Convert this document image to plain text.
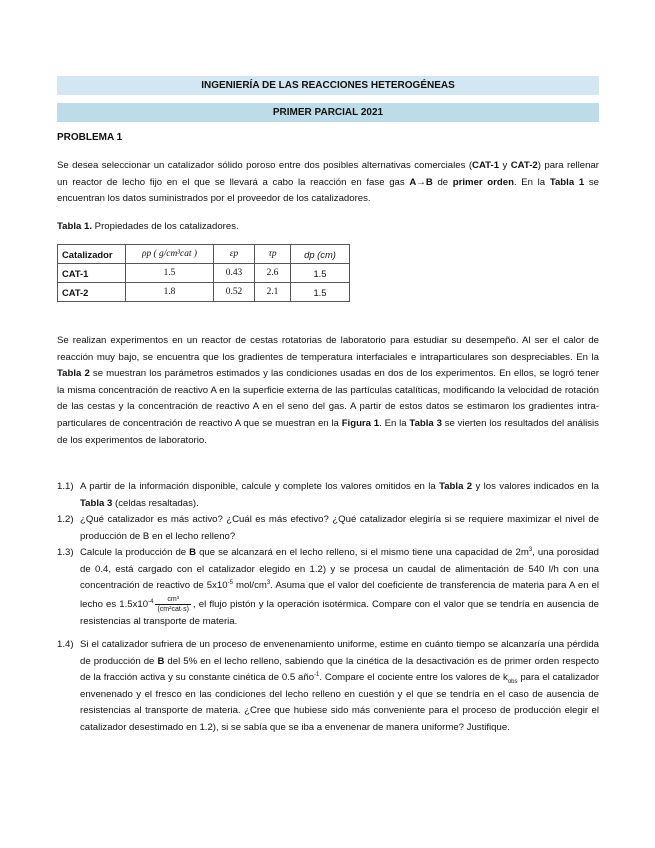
INGENIERÍA DE LAS REACCIONES HETEROGÉNEAS
PRIMER PARCIAL 2021
PROBLEMA 1
Se desea seleccionar un catalizador sólido poroso entre dos posibles alternativas comerciales (CAT-1 y CAT-2) para rellenar un reactor de lecho fijo en el que se llevará a cabo la reacción en fase gas A→B de primer orden. En la Tabla 1 se encuentran los datos suministrados por el proveedor de los catalizadores.
Tabla 1. Propiedades de los catalizadores.
Catalizador	ρp ( g/cm³cat )	εp	τp	dp (cm)
CAT-1	1.5	0.43	2.6	1.5
CAT-2	1.8	0.52	2.1	1.5
Se realizan experimentos en un reactor de cestas rotatorias de laboratorio para estudiar su desempeño. Al ser el calor de reacción muy bajo, se encuentra que los gradientes de temperatura interfaciales e intraparticulares son despreciables. En la Tabla 2 se muestran los parámetros estimados y las condiciones usadas en dos de los experimentos. En ellos, se logró tener la misma concentración de reactivo A en la superficie externa de las partículas catalíticas, modificando la velocidad de rotación de las cestas y la concentración de reactivo A en el seno del gas. A partir de estos datos se estimaron los gradientes intra-particulares de concentración de reactivo A que se muestran en la Figura 1. En la Tabla 3 se vierten los resultados del análisis de los experimentos de laboratorio.
1.1) A partir de la información disponible, calcule y complete los valores omitidos en la Tabla 2 y los valores indicados en la Tabla 3 (celdas resaltadas).
1.2) ¿Qué catalizador es más activo? ¿Cuál es más efectivo? ¿Qué catalizador elegiría si se requiere maximizar el nivel de producción de B en el lecho relleno?
1.3) Calcule la producción de B que se alcanzará en el lecho relleno, si el mismo tiene una capacidad de $2m^3$, una porosidad de 0.4, está cargado con el catalizador elegido en 1.2) y se procesa un caudal de alimentación de 540 l/h con una concentración de reactivo de $5x10^{-5}$ mol/$cm^3$. Asuma que el valor del coeficiente de transferencia de materia para A en el lecho es $1.5x10^{-4} \frac{\text{cm³}}{\text{(cm²cat·s)}}$ , el flujo pistón y la operación isotérmica. Compare con el valor que se tendría en ausencia de resistencias al transporte de materia.
1.4) Si el catalizador sufriera de un proceso de envenenamiento uniforme, estime en cuánto tiempo se alcanzaría una pérdida de producción de B del 5% en el lecho relleno, sabiendo que la cinética de la desactivación es de primer orden respecto de la fracción activa y su constante cinética de 0.5 año$^{-1}$. Compare el cociente entre los valores de $k_{obs}$ para el catalizador envenenado y el fresco en las condiciones del lecho relleno en cuestión y el que se tendría en el caso de ausencia de resistencias al transporte de materia. ¿Cree que hubiese sido más conveniente para el proceso de producción elegir el catalizador desestimado en 1.2), si se sabía que se iba a envenenar de manera uniforme? Justifique.
